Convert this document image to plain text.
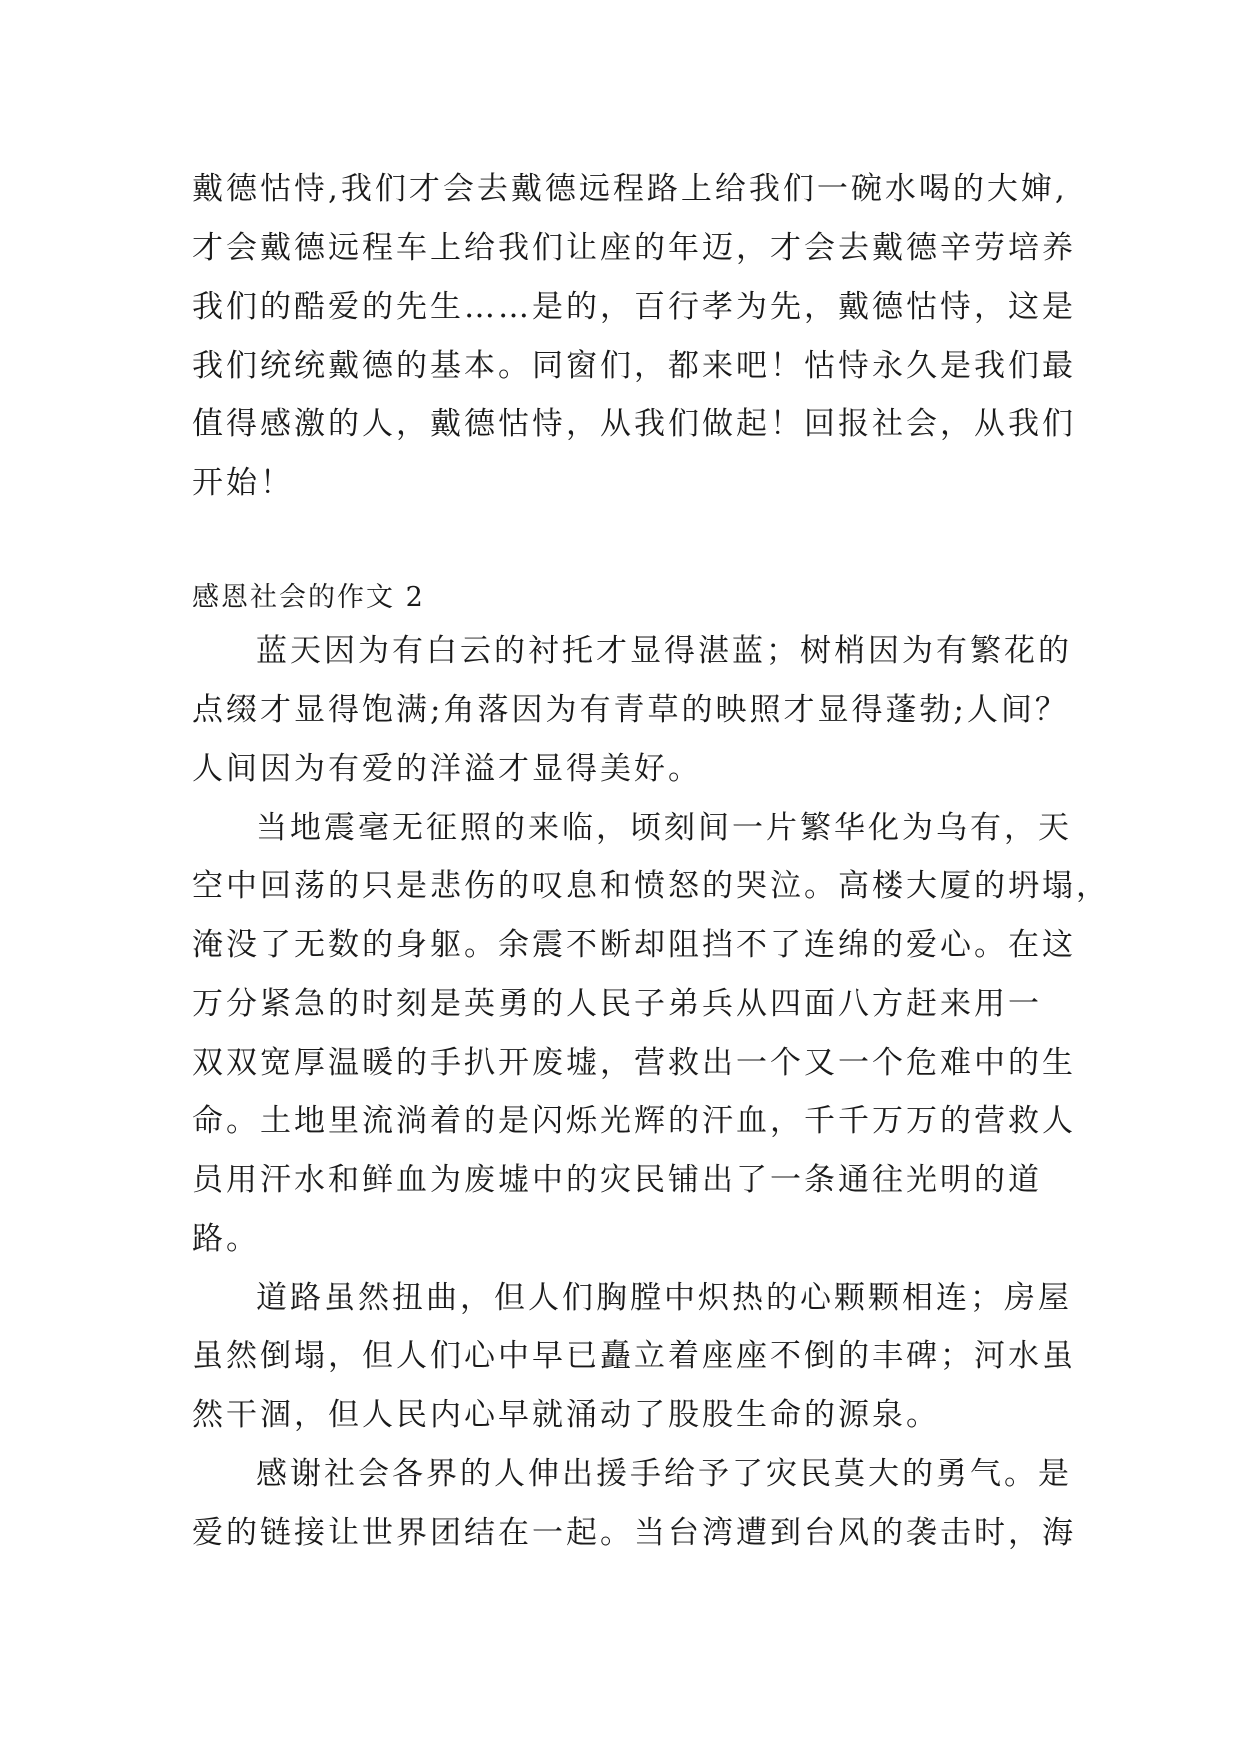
戴德怙恃,我们才会去戴德远程路上给我们一碗水喝的大婶,
才会戴德远程车上给我们让座的年迈，才会去戴德辛劳培养
我们的酷爱的先生……是的，百行孝为先，戴德怙恃，这是
我们统统戴德的基本。同窗们，都来吧！怙恃永久是我们最
值得感激的人，戴德怙恃，从我们做起！回报社会，从我们
开始！
感恩社会的作文 2
蓝天因为有白云的衬托才显得湛蓝；树梢因为有繁花的
点缀才显得饱满;角落因为有青草的映照才显得蓬勃;人间？
人间因为有爱的洋溢才显得美好。
当地震毫无征照的来临，顷刻间一片繁华化为乌有，天
空中回荡的只是悲伤的叹息和愤怒的哭泣。高楼大厦的坍塌，
淹没了无数的身躯。余震不断却阻挡不了连绵的爱心。在这
万分紧急的时刻是英勇的人民子弟兵从四面八方赶来用一
双双宽厚温暖的手扒开废墟，营救出一个又一个危难中的生
命。土地里流淌着的是闪烁光辉的汗血，千千万万的营救人
员用汗水和鲜血为废墟中的灾民铺出了一条通往光明的道
路。
道路虽然扭曲，但人们胸膛中炽热的心颗颗相连；房屋
虽然倒塌，但人们心中早已矗立着座座不倒的丰碑；河水虽
然干涸，但人民内心早就涌动了股股生命的源泉。
感谢社会各界的人伸出援手给予了灾民莫大的勇气。是
爱的链接让世界团结在一起。当台湾遭到台风的袭击时，海
